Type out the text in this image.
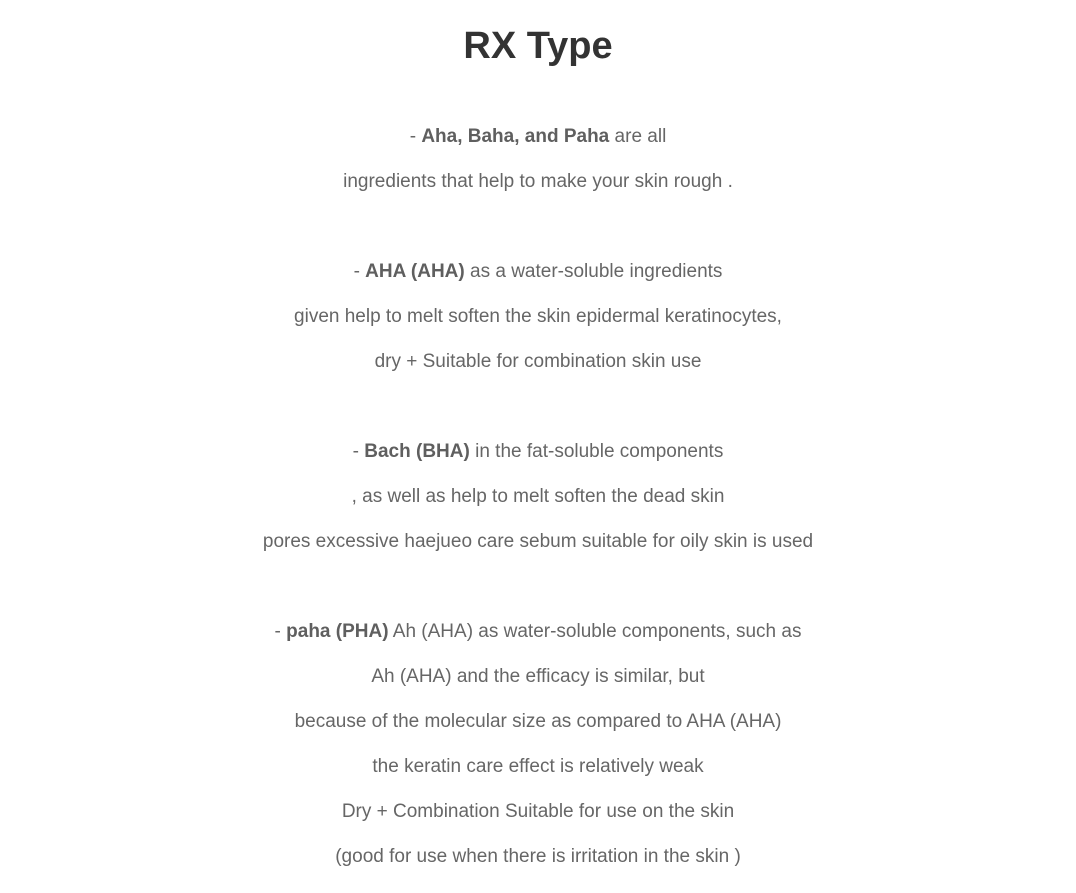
RX Type
- Aha, Baha, and Paha are all
ingredients that help to make your skin rough .
- AHA (AHA) as a water-soluble ingredients
given help to melt soften the skin epidermal keratinocytes,
dry + Suitable for combination skin use
- Bach (BHA) in the fat-soluble components
, as well as help to melt soften the dead skin
pores excessive haejueo care sebum suitable for oily skin is used
- paha (PHA) Ah (AHA) as water-soluble components, such as
Ah (AHA) and the efficacy is similar, but
because of the molecular size as compared to AHA (AHA)
the keratin care effect is relatively weak
Dry + Combination Suitable for use on the skin
(good for use when there is irritation in the skin )
